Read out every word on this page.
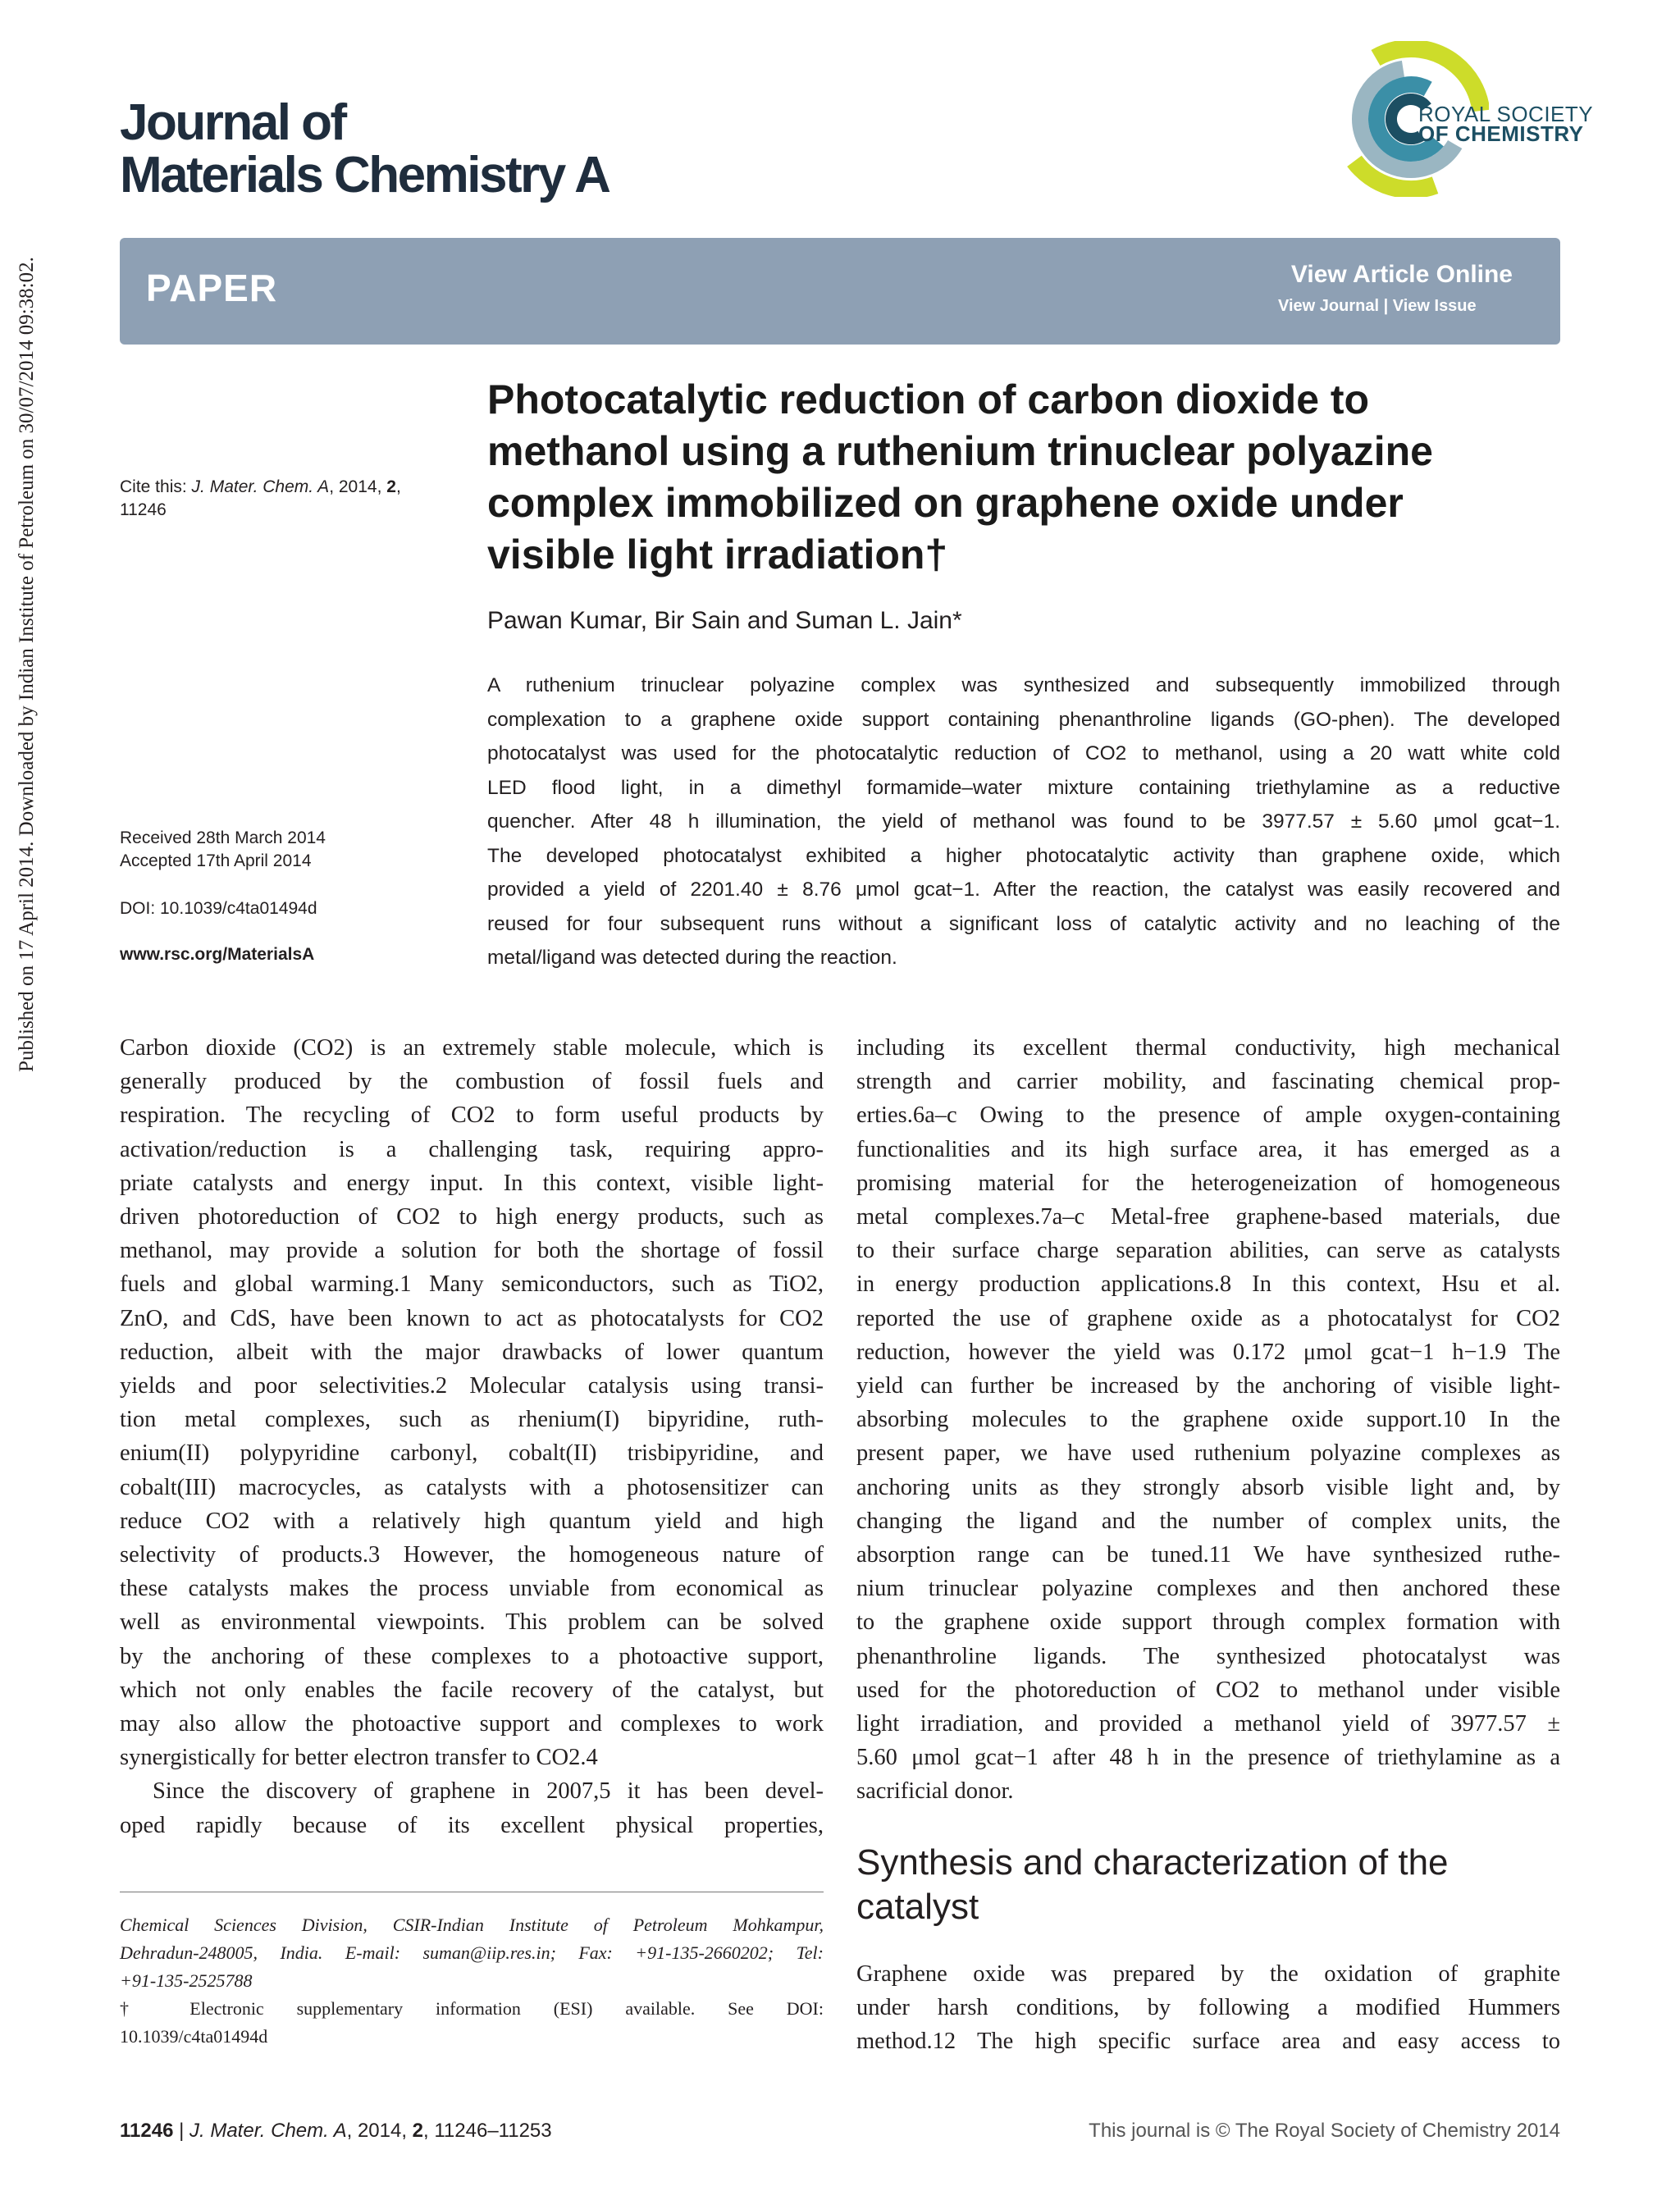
Published on 17 April 2014. Downloaded by Indian Institute of Petroleum on 30/07/2014 09:38:02.
Journal of
Materials Chemistry A
ROYAL SOCIETY
OF CHEMISTRY
PAPER	View Article Online
View Journal | View Issue
Cite this: J. Mater. Chem. A, 2014, 2,
11246
Received 28th March 2014
Accepted 17th April 2014
DOI: 10.1039/c4ta01494d
www.rsc.org/MaterialsA
Photocatalytic reduction of carbon dioxide to
methanol using a ruthenium trinuclear polyazine
complex immobilized on graphene oxide under
visible light irradiation†
Pawan Kumar, Bir Sain and Suman L. Jain*
A ruthenium trinuclear polyazine complex was synthesized and subsequently immobilized through
complexation to a graphene oxide support containing phenanthroline ligands (GO-phen). The developed
photocatalyst was used for the photocatalytic reduction of CO2 to methanol, using a 20 watt white cold
LED flood light, in a dimethyl formamide–water mixture containing triethylamine as a reductive
quencher. After 48 h illumination, the yield of methanol was found to be 3977.57 ± 5.60 μmol gcat−1.
The developed photocatalyst exhibited a higher photocatalytic activity than graphene oxide, which
provided a yield of 2201.40 ± 8.76 μmol gcat−1. After the reaction, the catalyst was easily recovered and
reused for four subsequent runs without a significant loss of catalytic activity and no leaching of the
metal/ligand was detected during the reaction.
Carbon dioxide (CO2) is an extremely stable molecule, which is
generally produced by the combustion of fossil fuels and
respiration. The recycling of CO2 to form useful products by
activation/reduction is a challenging task, requiring appro-
priate catalysts and energy input. In this context, visible light-
driven photoreduction of CO2 to high energy products, such as
methanol, may provide a solution for both the shortage of fossil
fuels and global warming.1 Many semiconductors, such as TiO2,
ZnO, and CdS, have been known to act as photocatalysts for CO2
reduction, albeit with the major drawbacks of lower quantum
yields and poor selectivities.2 Molecular catalysis using transi-
tion metal complexes, such as rhenium(I) bipyridine, ruth-
enium(II) polypyridine carbonyl, cobalt(II) trisbipyridine, and
cobalt(III) macrocycles, as catalysts with a photosensitizer can
reduce CO2 with a relatively high quantum yield and high
selectivity of products.3 However, the homogeneous nature of
these catalysts makes the process unviable from economical as
well as environmental viewpoints. This problem can be solved
by the anchoring of these complexes to a photoactive support,
which not only enables the facile recovery of the catalyst, but
may also allow the photoactive support and complexes to work
synergistically for better electron transfer to CO2.4
Since the discovery of graphene in 2007,5 it has been devel-
oped rapidly because of its excellent physical properties,
including its excellent thermal conductivity, high mechanical
strength and carrier mobility, and fascinating chemical prop-
erties.6a–c Owing to the presence of ample oxygen-containing
functionalities and its high surface area, it has emerged as a
promising material for the heterogeneization of homogeneous
metal complexes.7a–c Metal-free graphene-based materials, due
to their surface charge separation abilities, can serve as catalysts
in energy production applications.8 In this context, Hsu et al.
reported the use of graphene oxide as a photocatalyst for CO2
reduction, however the yield was 0.172 μmol gcat−1 h−1.9 The
yield can further be increased by the anchoring of visible light-
absorbing molecules to the graphene oxide support.10 In the
present paper, we have used ruthenium polyazine complexes as
anchoring units as they strongly absorb visible light and, by
changing the ligand and the number of complex units, the
absorption range can be tuned.11 We have synthesized ruthe-
nium trinuclear polyazine complexes and then anchored these
to the graphene oxide support through complex formation with
phenanthroline ligands. The synthesized photocatalyst was
used for the photoreduction of CO2 to methanol under visible
light irradiation, and provided a methanol yield of 3977.57 ±
5.60 μmol gcat−1 after 48 h in the presence of triethylamine as a
sacrificial donor.
Synthesis and characterization of the
catalyst
Graphene oxide was prepared by the oxidation of graphite
under harsh conditions, by following a modified Hummers
method.12 The high specific surface area and easy access to
Chemical Sciences Division, CSIR-Indian Institute of Petroleum Mohkampur,
Dehradun-248005, India. E-mail: suman@iip.res.in; Fax: +91-135-2660202; Tel:
+91-135-2525788
† Electronic supplementary information (ESI) available. See DOI:
10.1039/c4ta01494d
11246 | J. Mater. Chem. A, 2014, 2, 11246–11253	This journal is © The Royal Society of Chemistry 2014
